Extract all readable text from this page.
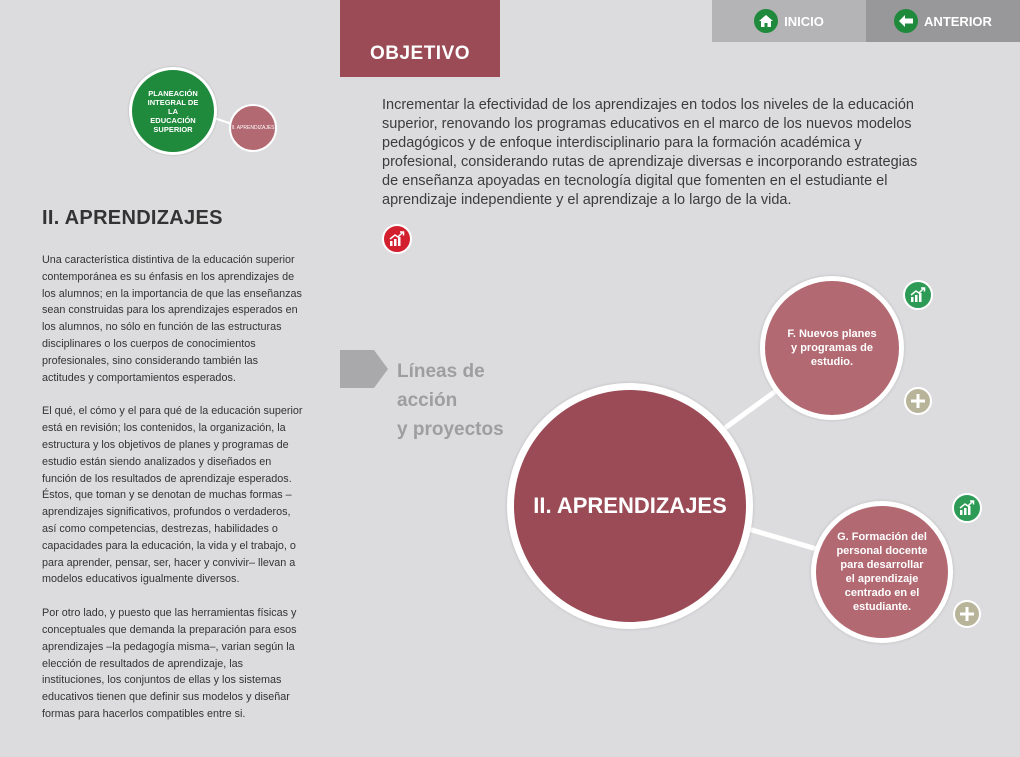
INICIO	ANTERIOR
OBJETIVO
Incrementar la efectividad de los aprendizajes en todos los niveles de la educación superior, renovando los programas educativos en el marco de los nuevos modelos pedagógicos y de enfoque interdisciplinario para la formación académica y profesional, considerando rutas de aprendizaje diversas e incorporando estrategias de enseñanza apoyadas en tecnología digital que fomenten en el estudiante el aprendizaje independiente y el aprendizaje a lo largo de la vida.
PLANEACIÓN INTEGRAL DE LA EDUCACIÓN SUPERIOR	II. APRENDIZAJES
II. APRENDIZAJES

Una característica distintiva de la educación superior contemporánea es su énfasis en los aprendizajes de los alumnos; en la importancia de que las enseñanzas sean construidas para los aprendizajes esperados en los alumnos, no sólo en función de las estructuras disciplinares o los cuerpos de conocimientos profesionales, sino considerando también las actitudes y comportamientos esperados.

El qué, el cómo y el para qué de la educación superior está en revisión; los contenidos, la organización, la estructura y los objetivos de planes y programas de estudio están siendo analizados y diseñados en función de los resultados de aprendizaje esperados. Éstos, que toman y se denotan de muchas formas –aprendizajes significativos, profundos o verdaderos, así como competencias, destrezas, habilidades o capacidades para la educación, la vida y el trabajo, o para aprender, pensar, ser, hacer y convivir– llevan a modelos educativos igualmente diversos.

Por otro lado, y puesto que las herramientas físicas y conceptuales que demanda la preparación para esos aprendizajes –la pedagogía misma–, varian según la elección de resultados de aprendizaje, las instituciones, los conjuntos de ellas y los sistemas educativos tienen que definir sus modelos y diseñar formas para hacerlos compatibles entre si.

Líneas de acción
y proyectos
II. APRENDIZAJES
F. Nuevos planes y programas de estudio.
G. Formación del personal docente para desarrollar el aprendizaje centrado en el estudiante.
